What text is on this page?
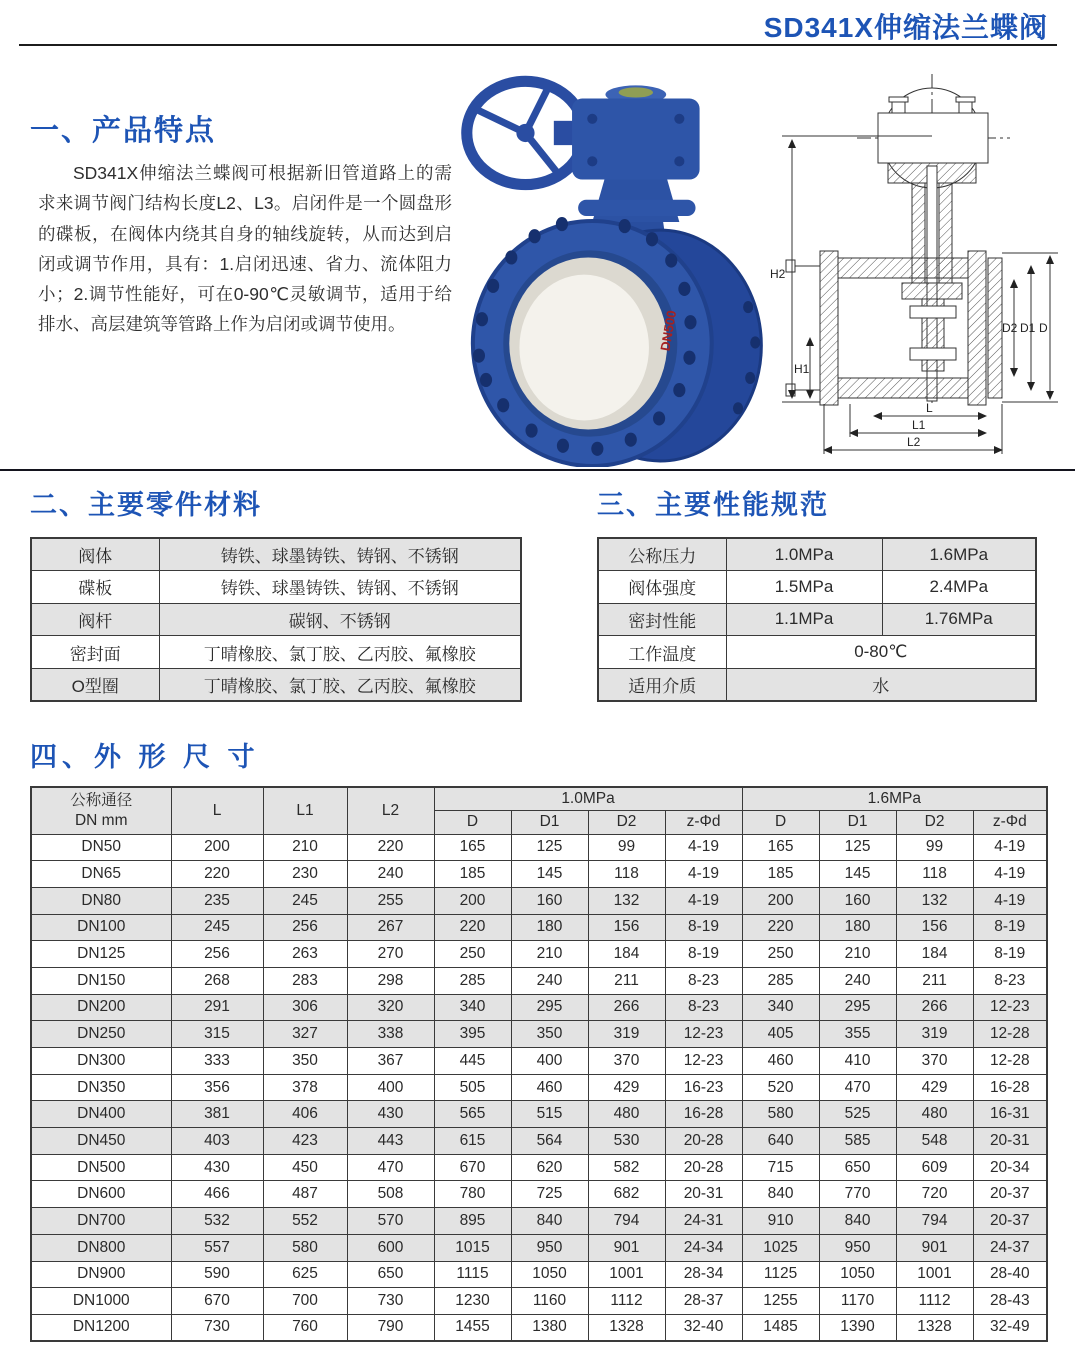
SD341X伸缩法兰蝶阀
一、产品特点
SD341X伸缩法兰蝶阀可根据新旧管道路上的需求来调节阀门结构长度L2、L3。启闭件是一个圆盘形的碟板，在阀体内绕其自身的轴线旋转，从而达到启闭或调节作用，具有：1.启闭迅速、省力、流体阻力小；2.调节性能好，可在0-90℃灵敏调节，适用于给排水、高层建筑等管路上作为启闭或调节使用。	DN500
H2
H1
D2 D1 D
L
L1
L2
二、主要零件材料
阀体	铸铁、球墨铸铁、铸钢、不锈钢
碟板	铸铁、球墨铸铁、铸钢、不锈钢
阀杆	碳钢、不锈钢
密封面	丁晴橡胶、氯丁胶、乙丙胶、氟橡胶
O型圈	丁晴橡胶、氯丁胶、乙丙胶、氟橡胶
三、主要性能规范
公称压力	1.0MPa	1.6MPa
阀体强度	1.5MPa	2.4MPa
密封性能	1.1MPa	1.76MPa
工作温度	0-80℃	
适用介质	水	
四、外 形 尺 寸
公称通径
DN mm	L	L1	L2	1.0MPa				1.6MPa			
				D	D1	D2	z-Φd	D	D1	D2	z-Φd
DN50	200	210	220	165	125	99	4-19	165	125	99	4-19
DN65	220	230	240	185	145	118	4-19	185	145	118	4-19
DN80	235	245	255	200	160	132	4-19	200	160	132	4-19
DN100	245	256	267	220	180	156	8-19	220	180	156	8-19
DN125	256	263	270	250	210	184	8-19	250	210	184	8-19
DN150	268	283	298	285	240	211	8-23	285	240	211	8-23
DN200	291	306	320	340	295	266	8-23	340	295	266	12-23
DN250	315	327	338	395	350	319	12-23	405	355	319	12-28
DN300	333	350	367	445	400	370	12-23	460	410	370	12-28
DN350	356	378	400	505	460	429	16-23	520	470	429	16-28
DN400	381	406	430	565	515	480	16-28	580	525	480	16-31
DN450	403	423	443	615	564	530	20-28	640	585	548	20-31
DN500	430	450	470	670	620	582	20-28	715	650	609	20-34
DN600	466	487	508	780	725	682	20-31	840	770	720	20-37
DN700	532	552	570	895	840	794	24-31	910	840	794	20-37
DN800	557	580	600	1015	950	901	24-34	1025	950	901	24-37
DN900	590	625	650	1115	1050	1001	28-34	1125	1050	1001	28-40
DN1000	670	700	730	1230	1160	1112	28-37	1255	1170	1112	28-43
DN1200	730	760	790	1455	1380	1328	32-40	1485	1390	1328	32-49
